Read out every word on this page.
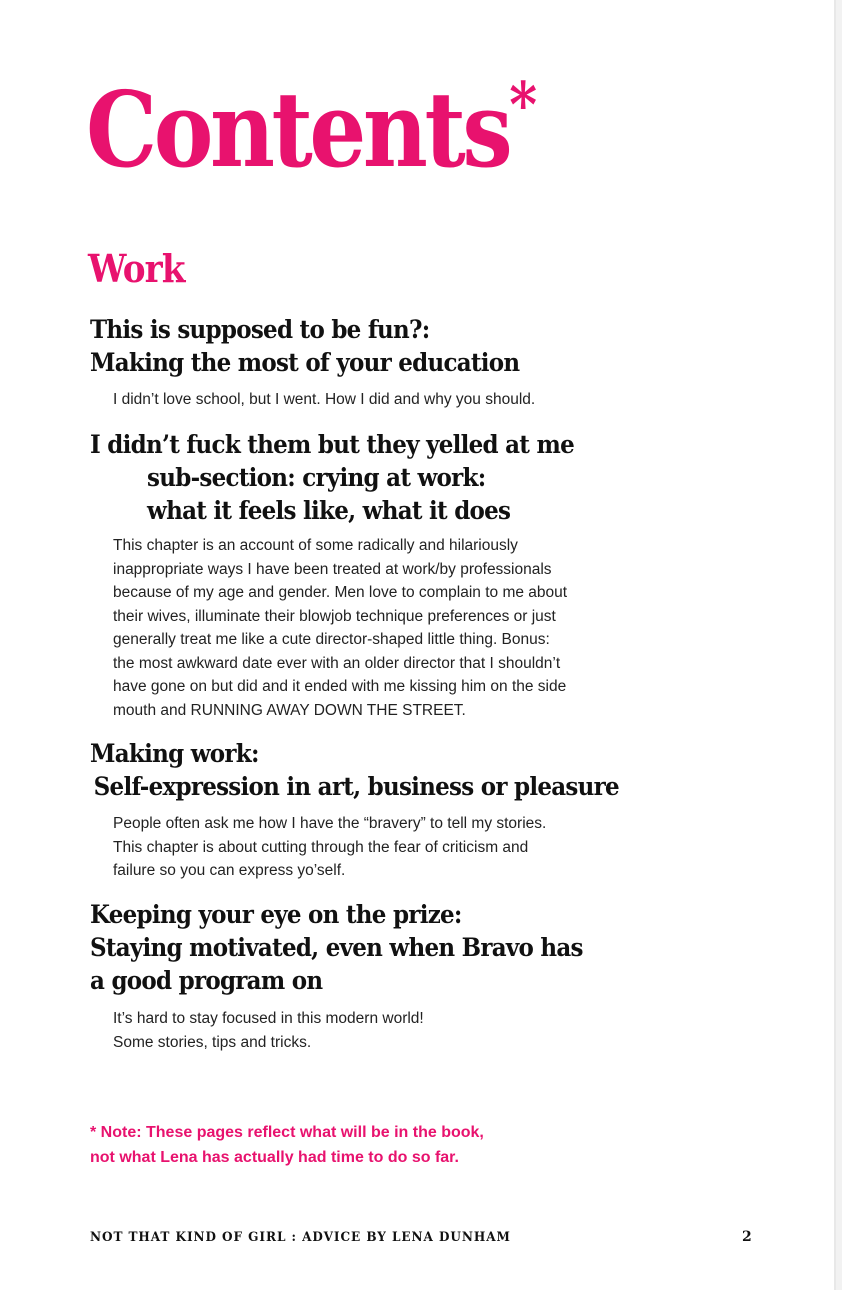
Contents*
Work
This is supposed to be fun?:
Making the most of your education

I didn’t love school, but I went. How I did and why you should.

I didn’t fuck them but they yelled at me
sub-section: crying at work:
what it feels like, what it does

This chapter is an account of some radically and hilariously
inappropriate ways I have been treated at work/by professionals
because of my age and gender. Men love to complain to me about
their wives, illuminate their blowjob technique preferences or just
generally treat me like a cute director-shaped little thing. Bonus:
the most awkward date ever with an older director that I shouldn’t
have gone on but did and it ended with me kissing him on the side
mouth and RUNNING AWAY DOWN THE STREET.

Making work:
Self-expression in art, business or pleasure

People often ask me how I have the “bravery” to tell my stories.
This chapter is about cutting through the fear of criticism and
failure so you can express yo’self.

Keeping your eye on the prize:
Staying motivated, even when Bravo has
a good program on

It’s hard to stay focused in this modern world!
Some stories, tips and tricks.

* Note: These pages reflect what will be in the book,
not what Lena has actually had time to do so far.

NOT THAT KIND OF GIRL : ADVICE BY LENA DUNHAM	2
